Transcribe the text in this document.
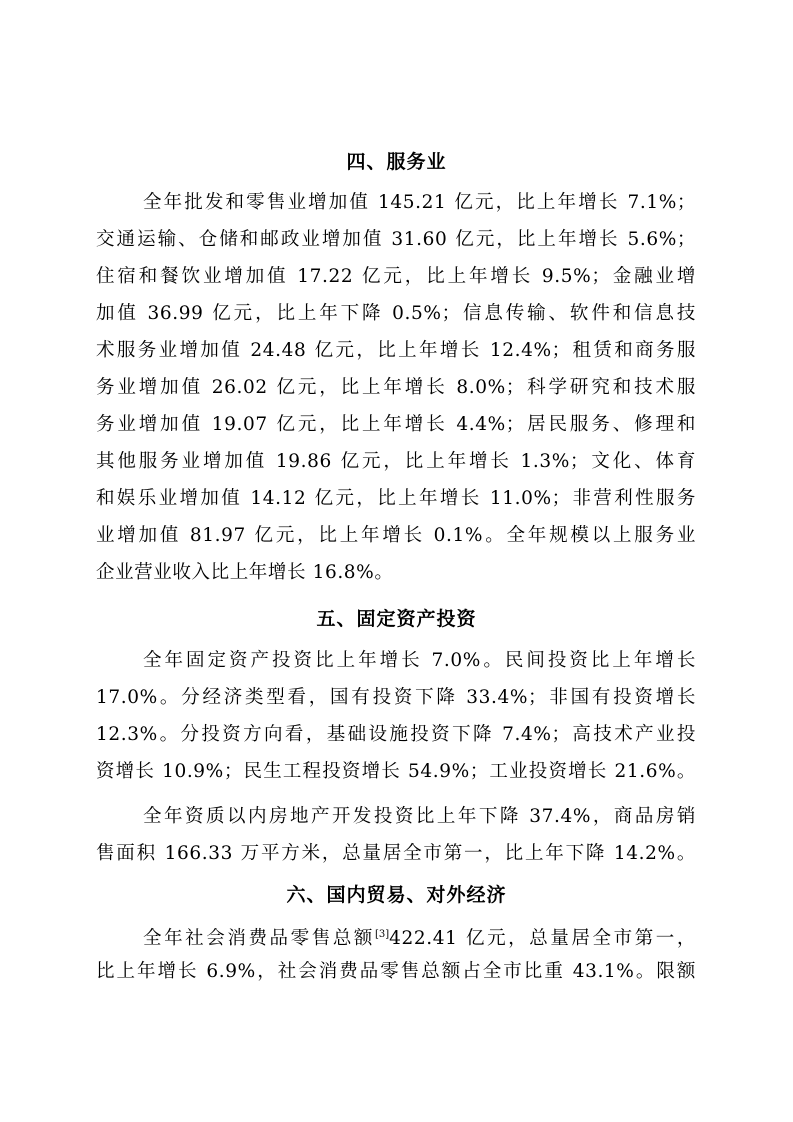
四、服务业
全年批发和零售业增加值 145.21 亿元，比上年增长 7.1%；
交通运输、仓储和邮政业增加值 31.60 亿元，比上年增长 5.6%；
住宿和餐饮业增加值 17.22 亿元，比上年增长 9.5%；金融业增
加值 36.99 亿元，比上年下降 0.5%；信息传输、软件和信息技
术服务业增加值 24.48 亿元，比上年增长 12.4%；租赁和商务服
务业增加值 26.02 亿元，比上年增长 8.0%；科学研究和技术服
务业增加值 19.07 亿元，比上年增长 4.4%；居民服务、修理和
其他服务业增加值 19.86 亿元，比上年增长 1.3%；文化、体育
和娱乐业增加值 14.12 亿元，比上年增长 11.0%；非营利性服务
业增加值 81.97 亿元，比上年增长 0.1%。全年规模以上服务业
企业营业收入比上年增长 16.8%。
五、固定资产投资
全年固定资产投资比上年增长 7.0%。民间投资比上年增长
17.0%。分经济类型看，国有投资下降 33.4%；非国有投资增长
12.3%。分投资方向看，基础设施投资下降 7.4%；高技术产业投
资增长 10.9%；民生工程投资增长 54.9%；工业投资增长 21.6%。
全年资质以内房地产开发投资比上年下降 37.4%，商品房销
售面积 166.33 万平方米，总量居全市第一，比上年下降 14.2%。
六、国内贸易、对外经济
全年社会消费品零售总额[3]422.41 亿元，总量居全市第一，
比上年增长 6.9%，社会消费品零售总额占全市比重 43.1%。限额
